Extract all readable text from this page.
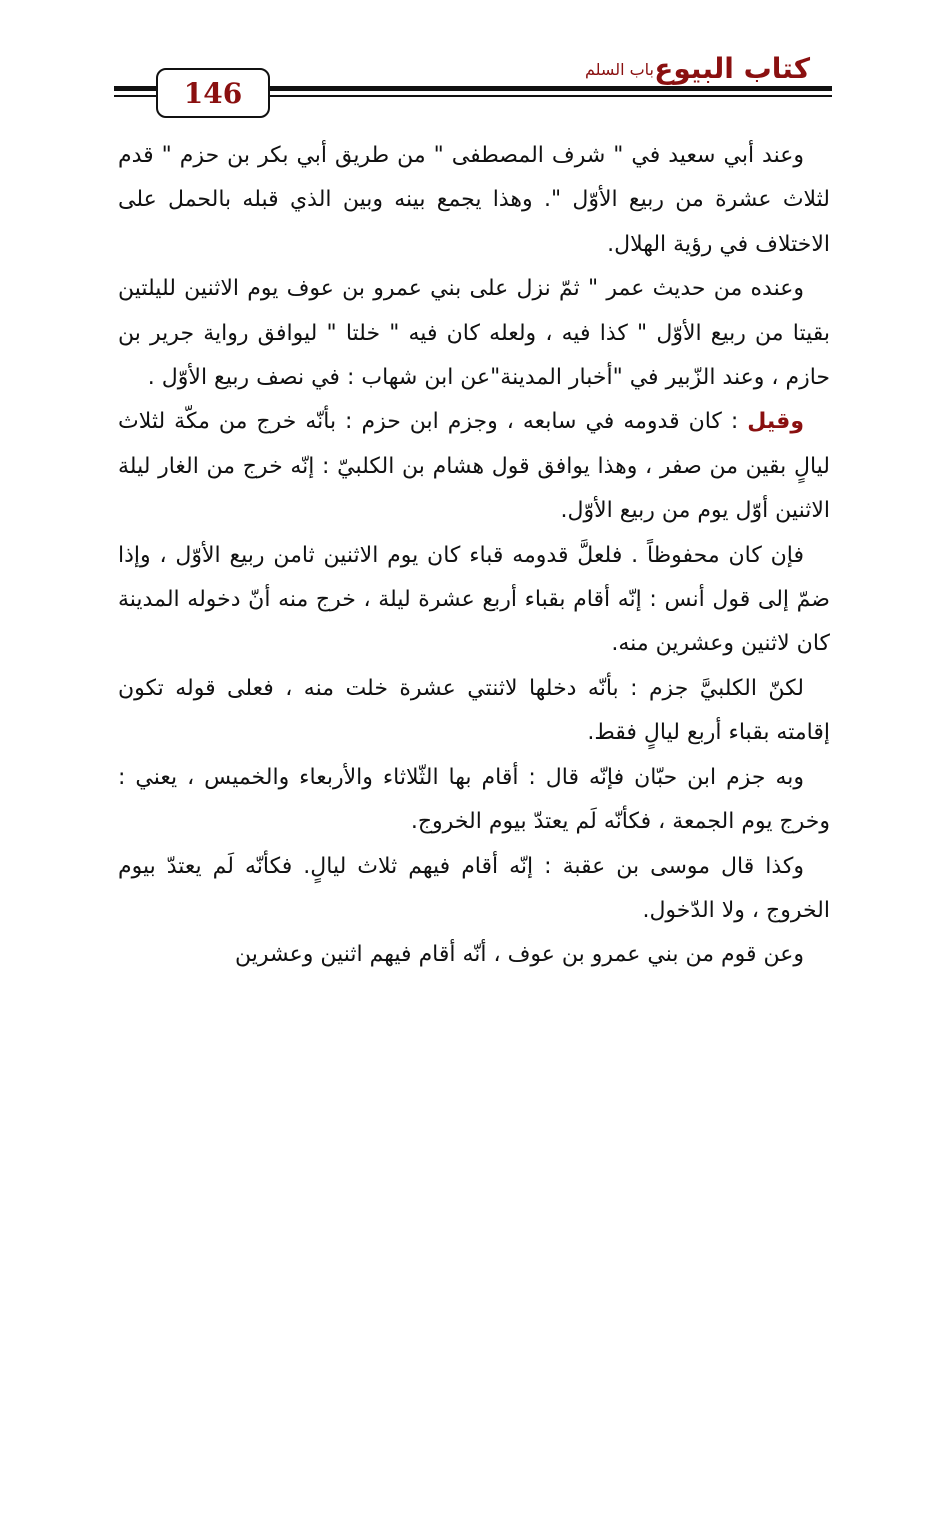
كتاب البيوع
باب السلم
146

وعند أبي سعيد في " شرف المصطفى " من طريق أبي بكر بن حزم " قدم لثلاث عشرة من ربيع الأوّل ". وهذا يجمع بينه وبين الذي قبله بالحمل على الاختلاف في رؤية الهلال.

وعنده من حديث عمر " ثمّ نزل على بني عمرو بن عوف يوم الاثنين لليلتين بقيتا من ربيع الأوّل " كذا فيه ، ولعله كان فيه " خلتا " ليوافق رواية جرير بن حازم ، وعند الزّبير في "أخبار المدينة"عن ابن شهاب : في نصف ربيع الأوّل .

وقيل : كان قدومه في سابعه ، وجزم ابن حزم : بأنّه خرج من مكّة لثلاث ليالٍ بقين من صفر ، وهذا يوافق قول هشام بن الكلبيّ : إنّه خرج من الغار ليلة الاثنين أوّل يوم من ربيع الأوّل.

فإن كان محفوظاً . فلعلَّ قدومه قباء كان يوم الاثنين ثامن ربيع الأوّل ، وإذا ضمّ إلى قول أنس : إنّه أقام بقباء أربع عشرة ليلة ، خرج منه أنّ دخوله المدينة كان لاثنين وعشرين منه.

لكنّ الكلبيَّ جزم : بأنّه دخلها لاثنتي عشرة خلت منه ، فعلى قوله تكون إقامته بقباء أربع ليالٍ فقط.

وبه جزم ابن حبّان فإنّه قال : أقام بها الثّلاثاء والأربعاء والخميس ، يعني : وخرج يوم الجمعة ، فكأنّه لَم يعتدّ بيوم الخروج.

وكذا قال موسى بن عقبة : إنّه أقام فيهم ثلاث ليالٍ. فكأنّه لَم يعتدّ بيوم الخروج ، ولا الدّخول.

وعن قوم من بني عمرو بن عوف ، أنّه أقام فيهم اثنين وعشرين
